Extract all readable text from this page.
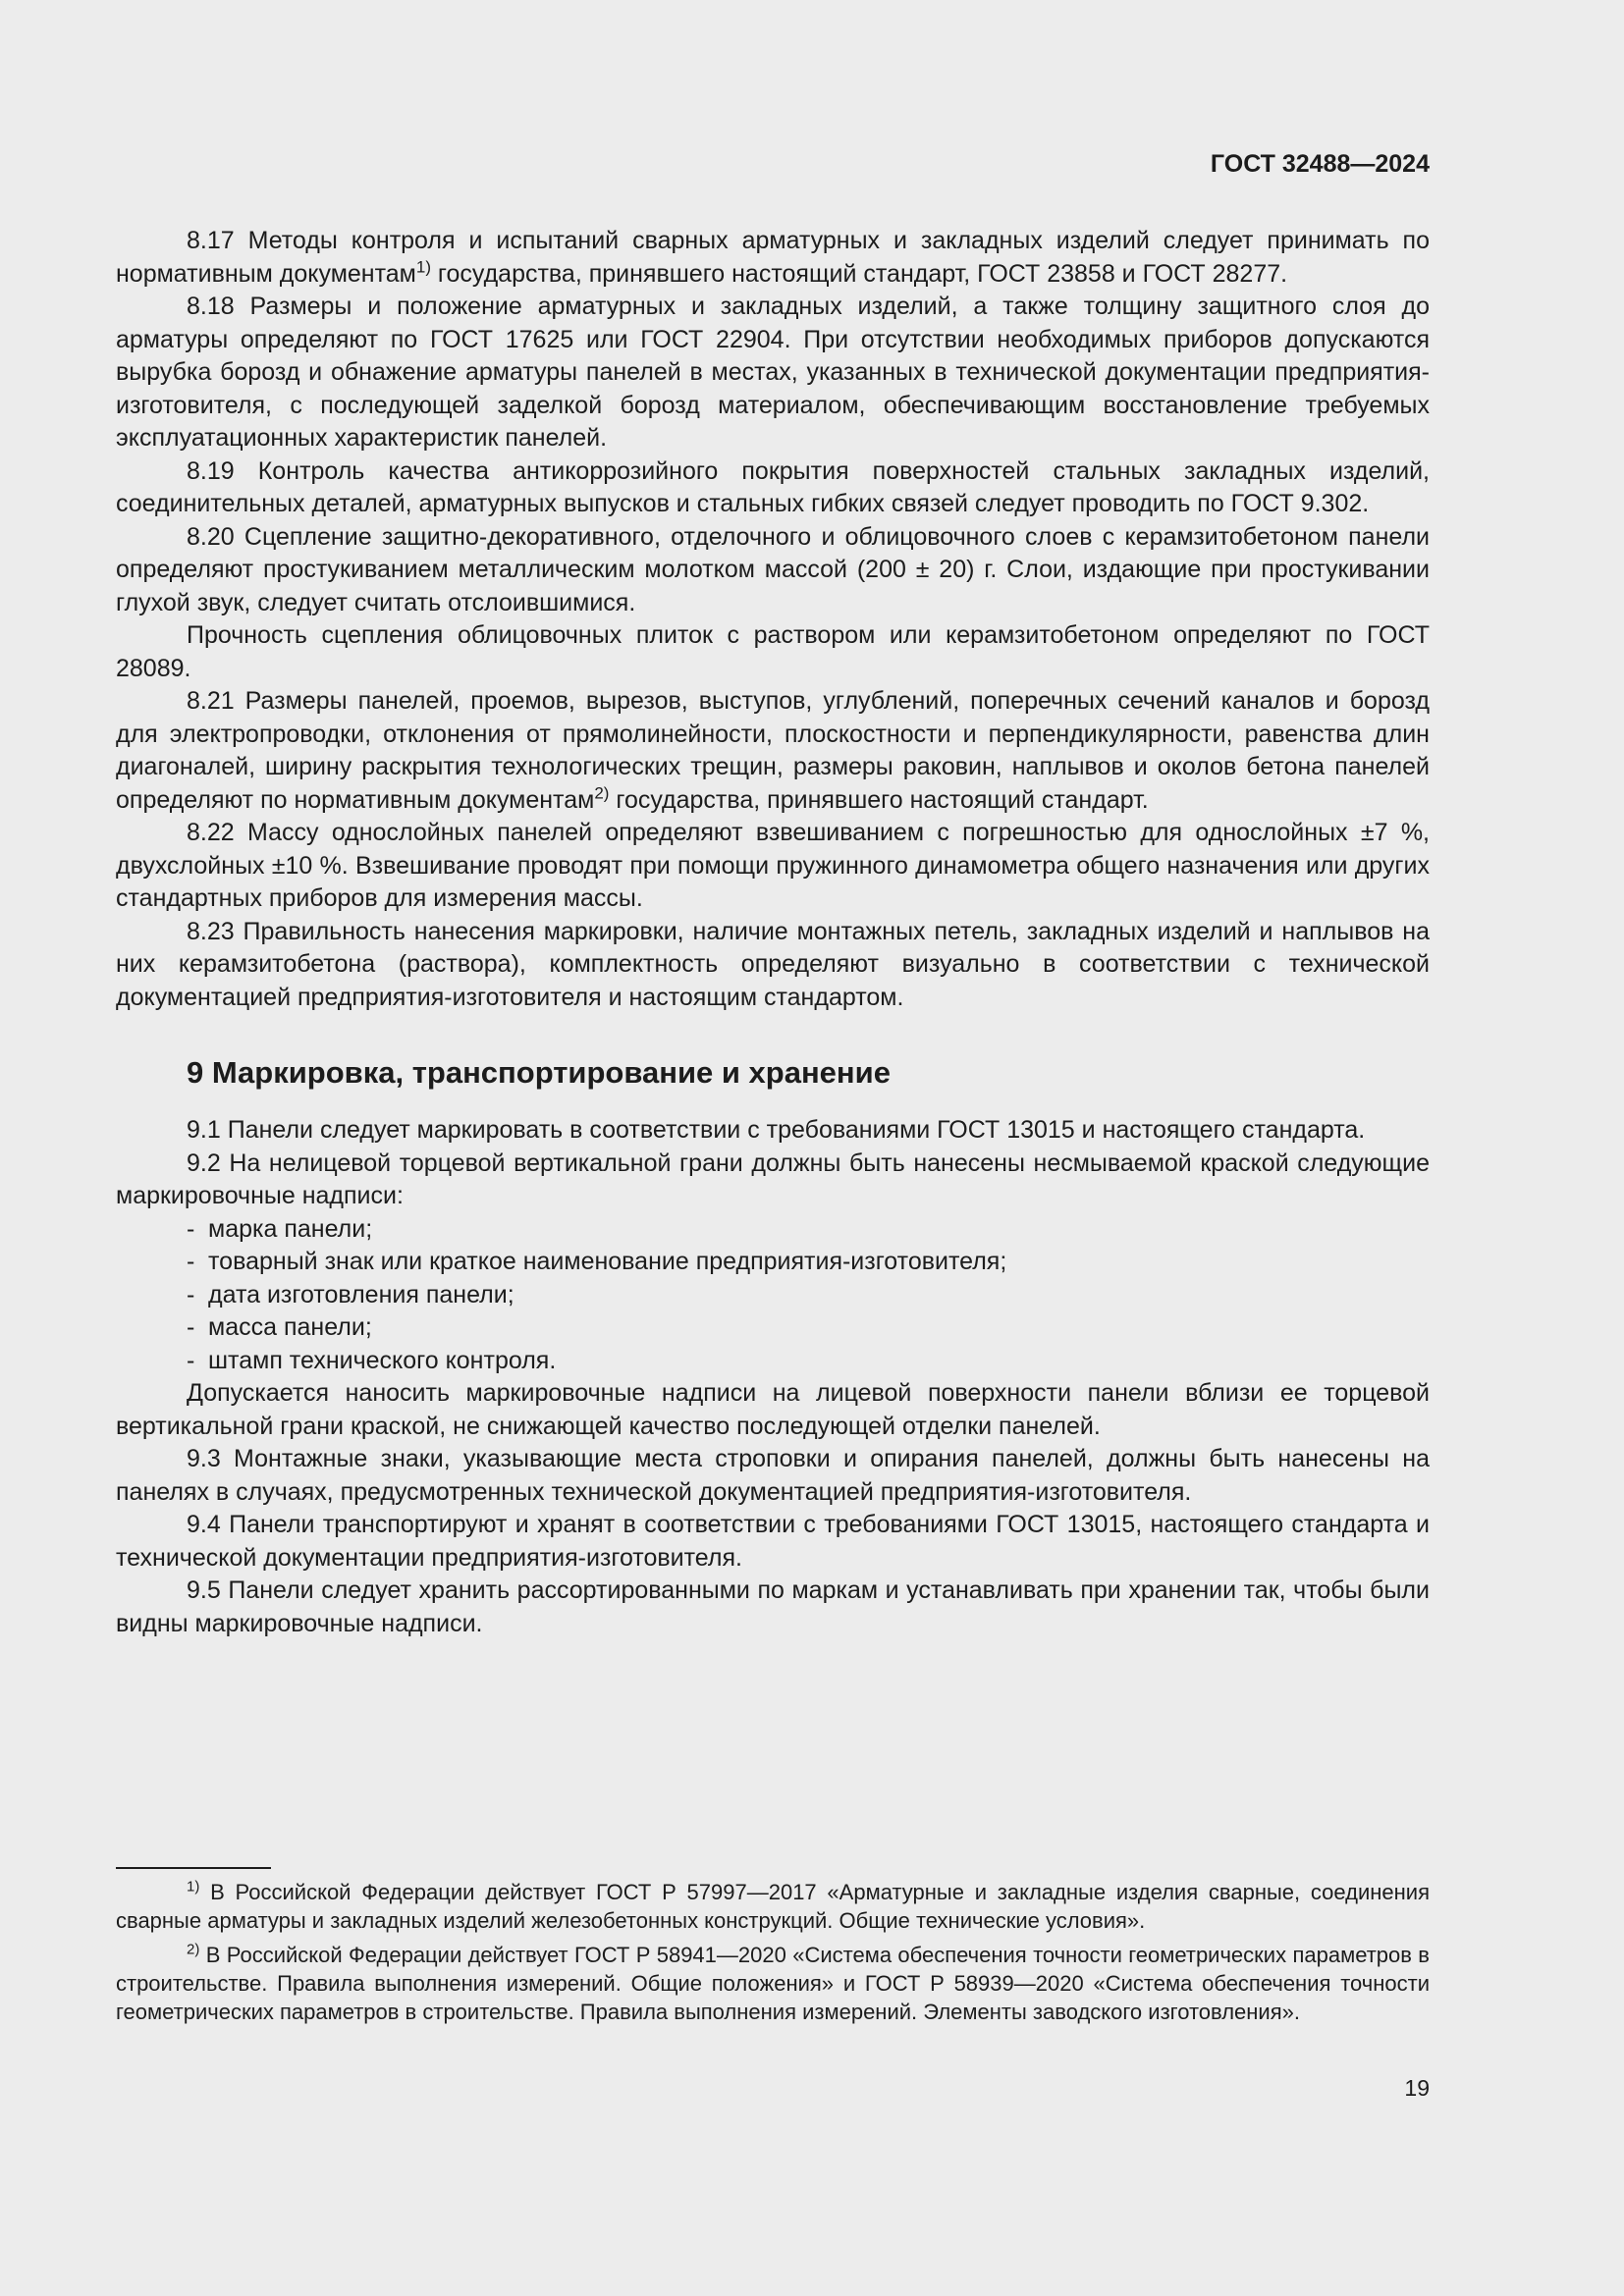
ГОСТ 32488—2024

8.17 Методы контроля и испытаний сварных арматурных и закладных изделий следует принимать по нормативным документам$^{1)}$ государства, принявшего настоящий стандарт, ГОСТ 23858 и ГОСТ 28277.

8.18 Размеры и положение арматурных и закладных изделий, а также толщину защитного слоя до арматуры определяют по ГОСТ 17625 или ГОСТ 22904. При отсутствии необходимых приборов допускаются вырубка борозд и обнажение арматуры панелей в местах, указанных в технической документации предприятия-изготовителя, с последующей заделкой борозд материалом, обеспечивающим восстановление требуемых эксплуатационных характеристик панелей.

8.19 Контроль качества антикоррозийного покрытия поверхностей стальных закладных изделий, соединительных деталей, арматурных выпусков и стальных гибких связей следует проводить по ГОСТ 9.302.

8.20 Сцепление защитно-декоративного, отделочного и облицовочного слоев с керамзитобетоном панели определяют простукиванием металлическим молотком массой (200 ± 20) г. Слои, издающие при простукивании глухой звук, следует считать отслоившимися.

Прочность сцепления облицовочных плиток с раствором или керамзитобетоном определяют по ГОСТ 28089.

8.21 Размеры панелей, проемов, вырезов, выступов, углублений, поперечных сечений каналов и борозд для электропроводки, отклонения от прямолинейности, плоскостности и перпендикулярности, равенства длин диагоналей, ширину раскрытия технологических трещин, размеры раковин, наплывов и околов бетона панелей определяют по нормативным документам$^{2)}$ государства, принявшего настоящий стандарт.

8.22 Массу однослойных панелей определяют взвешиванием с погрешностью для однослойных ±7 %, двухслойных ±10 %. Взвешивание проводят при помощи пружинного динамометра общего назначения или других стандартных приборов для измерения массы.

8.23 Правильность нанесения маркировки, наличие монтажных петель, закладных изделий и наплывов на них керамзитобетона (раствора), комплектность определяют визуально в соответствии с технической документацией предприятия-изготовителя и настоящим стандартом.

9 Маркировка, транспортирование и хранение

9.1 Панели следует маркировать в соответствии с требованиями ГОСТ 13015 и настоящего стандарта.

9.2 На нелицевой торцевой вертикальной грани должны быть нанесены несмываемой краской следующие маркировочные надписи:

- марка панели;
- товарный знак или краткое наименование предприятия-изготовителя;
- дата изготовления панели;
- масса панели;
- штамп технического контроля.

Допускается наносить маркировочные надписи на лицевой поверхности панели вблизи ее торцевой вертикальной грани краской, не снижающей качество последующей отделки панелей.

9.3 Монтажные знаки, указывающие места строповки и опирания панелей, должны быть нанесены на панелях в случаях, предусмотренных технической документацией предприятия-изготовителя.

9.4 Панели транспортируют и хранят в соответствии с требованиями ГОСТ 13015, настоящего стандарта и технической документации предприятия-изготовителя.

9.5 Панели следует хранить рассортированными по маркам и устанавливать при хранении так, чтобы были видны маркировочные надписи.

$^{1)}$ В Российской Федерации действует ГОСТ Р 57997—2017 «Арматурные и закладные изделия сварные, соединения сварные арматуры и закладных изделий железобетонных конструкций. Общие технические условия».

$^{2)}$ В Российской Федерации действует ГОСТ Р 58941—2020 «Система обеспечения точности геометрических параметров в строительстве. Правила выполнения измерений. Общие положения» и ГОСТ Р 58939—2020 «Система обеспечения точности геометрических параметров в строительстве. Правила выполнения измерений. Элементы заводского изготовления».

19
